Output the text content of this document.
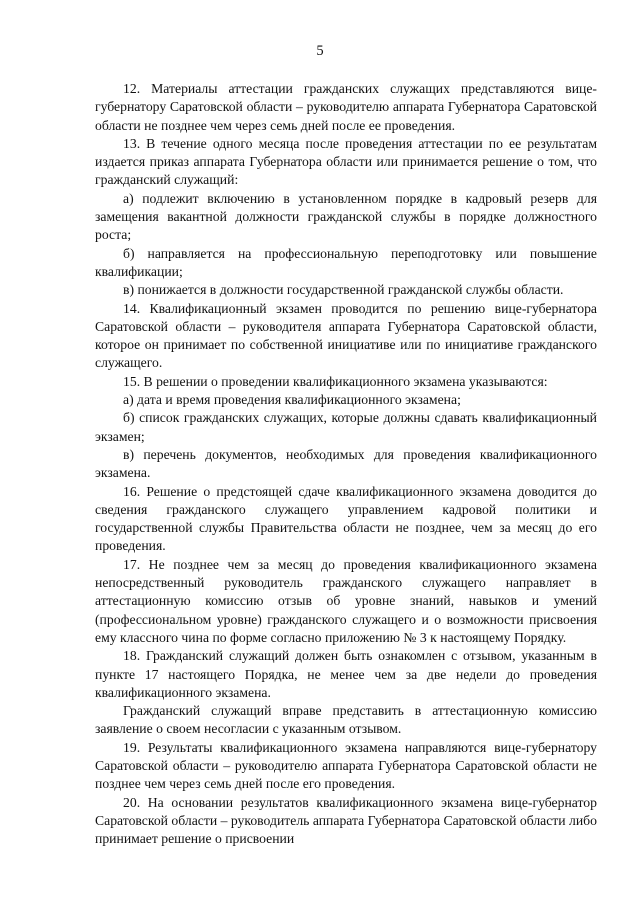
5

12. Материалы аттестации гражданских служащих представляются вице-губернатору Саратовской области – руководителю аппарата Губернатора Саратовской области не позднее чем через семь дней после ее проведения.

13. В течение одного месяца после проведения аттестации по ее результатам издается приказ аппарата Губернатора области или принимается решение о том, что гражданский служащий:

а) подлежит включению в установленном порядке в кадровый резерв для замещения вакантной должности гражданской службы в порядке должностного роста;

б) направляется на профессиональную переподготовку или повышение квалификации;

в) понижается в должности государственной гражданской службы области.

14. Квалификационный экзамен проводится по решению вице-губернатора Саратовской области – руководителя аппарата Губернатора Саратовской области, которое он принимает по собственной инициативе или по инициативе гражданского служащего.

15. В решении о проведении квалификационного экзамена указываются:

а) дата и время проведения квалификационного экзамена;

б) список гражданских служащих, которые должны сдавать квалификационный экзамен;

в) перечень документов, необходимых для проведения квалификационного экзамена.

16. Решение о предстоящей сдаче квалификационного экзамена доводится до сведения гражданского служащего управлением кадровой политики и государственной службы Правительства области не позднее, чем за месяц до его проведения.

17. Не позднее чем за месяц до проведения квалификационного экзамена непосредственный руководитель гражданского служащего направляет в аттестационную комиссию отзыв об уровне знаний, навыков и умений (профессиональном уровне) гражданского служащего и о возможности присвоения ему классного чина по форме согласно приложению № 3 к настоящему Порядку.

18. Гражданский служащий должен быть ознакомлен с отзывом, указанным в пункте 17 настоящего Порядка, не менее чем за две недели до проведения квалификационного экзамена.

Гражданский служащий вправе представить в аттестационную комиссию заявление о своем несогласии с указанным отзывом.

19. Результаты квалификационного экзамена направляются вице-губернатору Саратовской области – руководителю аппарата Губернатора Саратовской области не позднее чем через семь дней после его проведения.

20. На основании результатов квалификационного экзамена вице-губернатор Саратовской области – руководитель аппарата Губернатора Саратовской области либо принимает решение о присвоении
